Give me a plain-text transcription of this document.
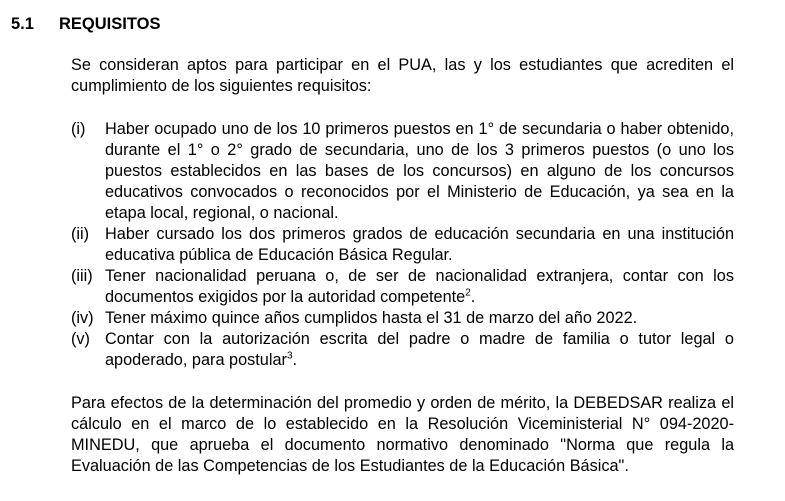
5.1 REQUISITOS

Se consideran aptos para participar en el PUA, las y los estudiantes que acrediten el cumplimiento de los siguientes requisitos:

(i) Haber ocupado uno de los 10 primeros puestos en 1° de secundaria o haber obtenido, durante el 1° o 2° grado de secundaria, uno de los 3 primeros puestos (o uno los puestos establecidos en las bases de los concursos) en alguno de los concursos educativos convocados o reconocidos por el Ministerio de Educación, ya sea en la etapa local, regional, o nacional.
(ii) Haber cursado los dos primeros grados de educación secundaria en una institución educativa pública de Educación Básica Regular.
(iii) Tener nacionalidad peruana o, de ser de nacionalidad extranjera, contar con los documentos exigidos por la autoridad competente$^2$.
(iv) Tener máximo quince años cumplidos hasta el 31 de marzo del año 2022.
(v) Contar con la autorización escrita del padre o madre de familia o tutor legal o apoderado, para postular$^3$.

Para efectos de la determinación del promedio y orden de mérito, la DEBEDSAR realiza el cálculo en el marco de lo establecido en la Resolución Viceministerial N° 094-2020-MINEDU, que aprueba el documento normativo denominado "Norma que regula la Evaluación de las Competencias de los Estudiantes de la Educación Básica".
